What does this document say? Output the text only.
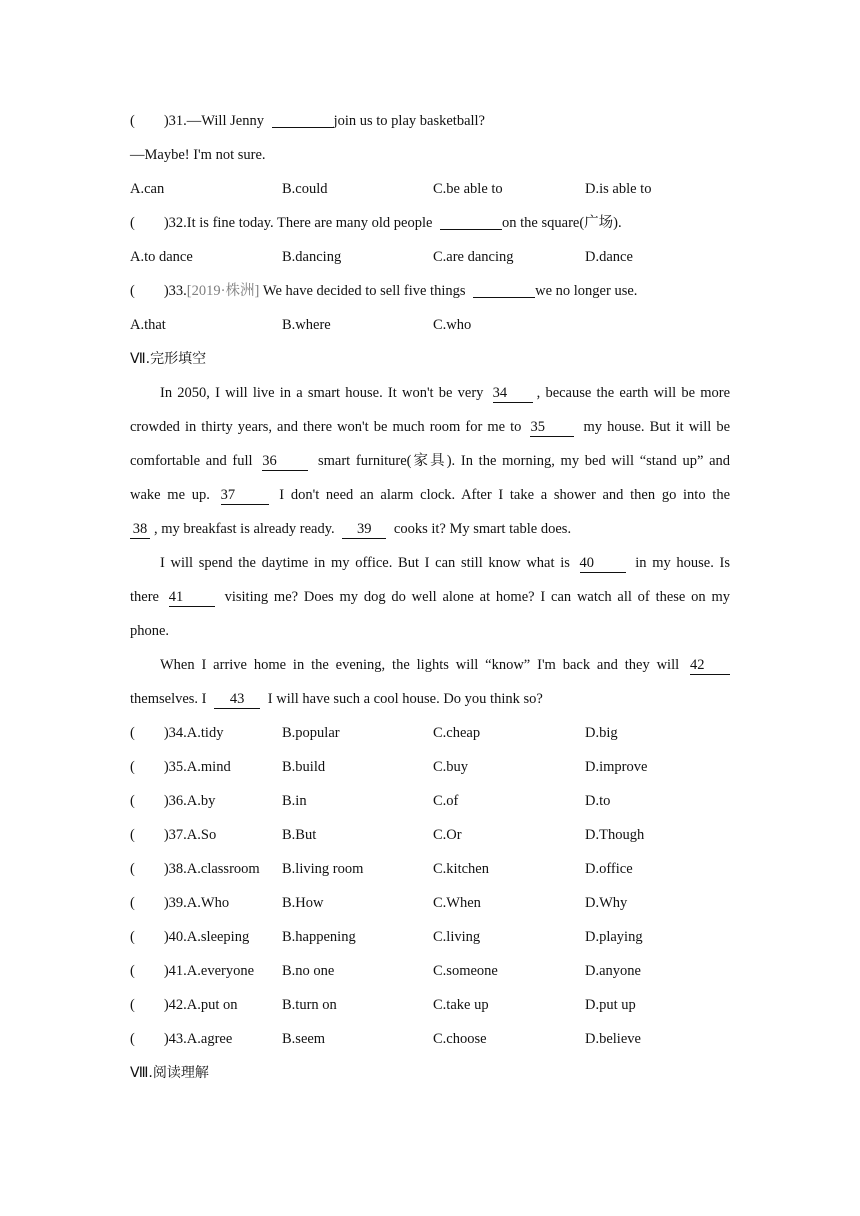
(　　)31.—Will Jenny	join us to play basketball?
—Maybe! I'm not sure.
A.can	B.could	C.be able to	D.is able to
(　　)32.It is fine today. There are many old people	on the square(广场).
A.to dance	B.dancing	C.are dancing	D.dance
(　　)33.[2019·株洲] We have decided to sell five things	we no longer use.
A.that	B.where	C.who
Ⅶ.完形填空
In 2050, I will live in a smart house. It won't be very 34 , because the earth will be more
crowded in thirty years, and there won't be much room for me to 35	my house. But it will be
comfortable and full 36	smart furniture(家具). In the morning, my bed will “stand up” and
wake me up. 37	I don't need an alarm clock. After I take a shower and then go into the
38 , my breakfast is already ready. 39 cooks it? My smart table does.
I will spend the daytime in my office. But I can still know what is 40	in my house. Is
there 41	visiting me? Does my dog do well alone at home? I can watch all of these on my
phone.
When I arrive home in the evening, the lights will “know” I'm back and they will 42
themselves. I 43 I will have such a cool house. Do you think so?
(　　)34.A.tidy	B.popular	C.cheap	D.big
(　　)35.A.mind	B.build	C.buy	D.improve
(　　)36.A.by	B.in	C.of	D.to
(　　)37.A.So	B.But	C.Or	D.Though
(　　)38.A.classroom B.living room	C.kitchen	D.office
(　　)39.A.Who	B.How	C.When	D.Why
(　　)40.A.sleeping B.happening	C.living	D.playing
(　　)41.A.everyone B.no one	C.someone	D.anyone
(　　)42.A.put on	B.turn on	C.take up	D.put up
(　　)43.A.agree	B.seem	C.choose	D.believe
Ⅷ.阅读理解
